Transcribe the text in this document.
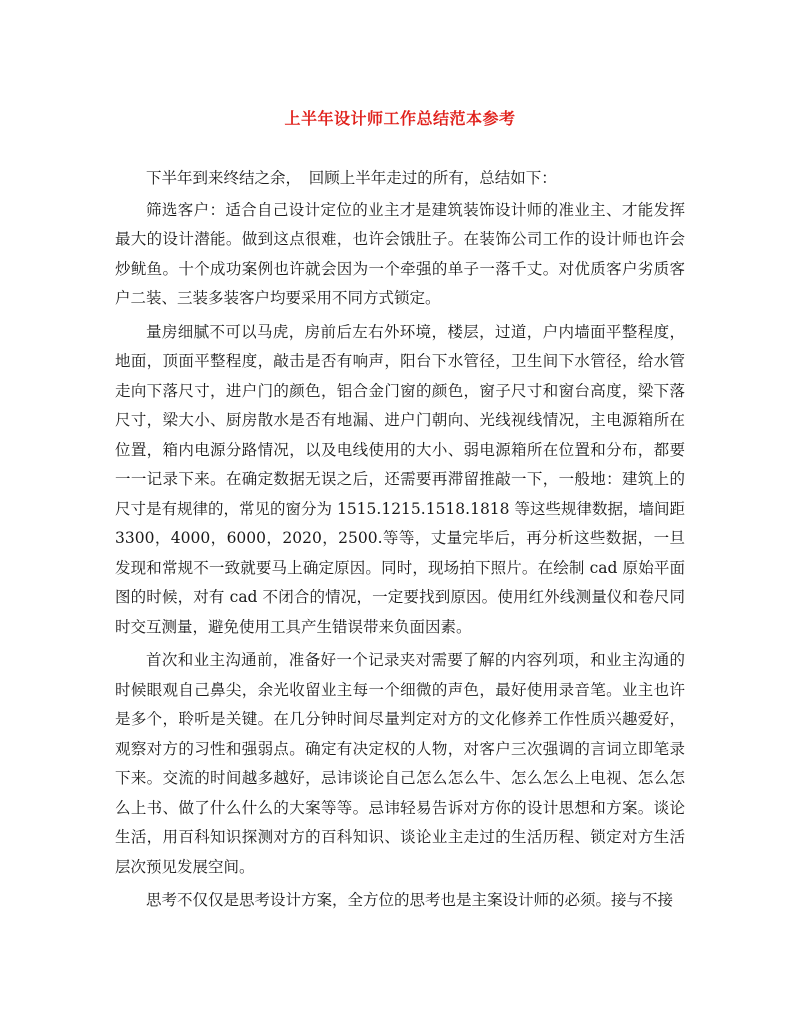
上半年设计师工作总结范本参考

下半年到来终结之余，　回顾上半年走过的所有，总结如下：

筛选客户：适合自己设计定位的业主才是建筑装饰设计师的准业主、才能发挥最大的设计潜能。做到这点很难，也许会饿肚子。在装饰公司工作的设计师也许会炒鱿鱼。十个成功案例也许就会因为一个牵强的单子一落千丈。对优质客户劣质客户二装、三装多装客户均要采用不同方式锁定。

量房细腻不可以马虎，房前后左右外环境，楼层，过道，户内墙面平整程度，地面，顶面平整程度，敲击是否有响声，阳台下水管径，卫生间下水管径，给水管走向下落尺寸，进户门的颜色，铝合金门窗的颜色，窗子尺寸和窗台高度，梁下落尺寸，梁大小、厨房散水是否有地漏、进户门朝向、光线视线情况，主电源箱所在位置，箱内电源分路情况，以及电线使用的大小、弱电源箱所在位置和分布，都要一一记录下来。在确定数据无误之后，还需要再滞留推敲一下，一般地：建筑上的尺寸是有规律的，常见的窗分为 1515.1215.1518.1818 等这些规律数据，墙间距 3300，4000，6000，2020，2500.等等，丈量完毕后，再分析这些数据，一旦发现和常规不一致就要马上确定原因。同时，现场拍下照片。在绘制 cad 原始平面图的时候，对有 cad 不闭合的情况，一定要找到原因。使用红外线测量仪和卷尺同时交互测量，避免使用工具产生错误带来负面因素。

首次和业主沟通前，准备好一个记录夹对需要了解的内容列项，和业主沟通的时候眼观自己鼻尖，余光收留业主每一个细微的声色，最好使用录音笔。业主也许是多个，聆听是关键。在几分钟时间尽量判定对方的文化修养工作性质兴趣爱好，观察对方的习性和强弱点。确定有决定权的人物，对客户三次强调的言词立即笔录下来。交流的时间越多越好，忌讳谈论自己怎么怎么牛、怎么怎么上电视、怎么怎么上书、做了什么什么的大案等等。忌讳轻易告诉对方你的设计思想和方案。谈论生活，用百科知识探测对方的百科知识、谈论业主走过的生活历程、锁定对方生活层次预见发展空间。

思考不仅仅是思考设计方案，全方位的思考也是主案设计师的必须。接与不接
